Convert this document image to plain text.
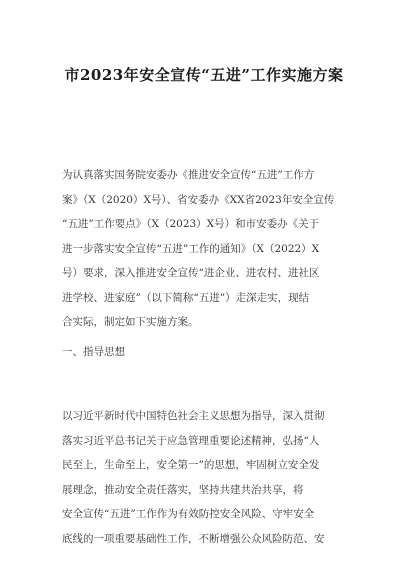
市2023年安全宣传“五进”工作实施方案
为认真落实国务院安委办《推进安全宣传“五进”工作方
案》（X（2020）X号）、省安委办《XX省2023年安全宣传
“五进”工作要点》（X（2023）X号）和市安委办《关于
进一步落实安全宣传“五进”工作的通知》（X（2022）X
号）要求，深入推进安全宣传“进企业、进农村、进社区
进学校、进家庭”（以下简称“五进”）走深走实，现结
合实际，制定如下实施方案。
一、指导思想
以习近平新时代中国特色社会主义思想为指导，深入贯彻
落实习近平总书记关于应急管理重要论述精神，弘扬“人
民至上，生命至上，安全第一”的思想，牢固树立安全发
展理念，推动安全责任落实，坚持共建共治共享，将
安全宣传“五进”工作作为有效防控安全风险、守牢安全
底线的一项重要基础性工作，不断增强公众风险防范、安
